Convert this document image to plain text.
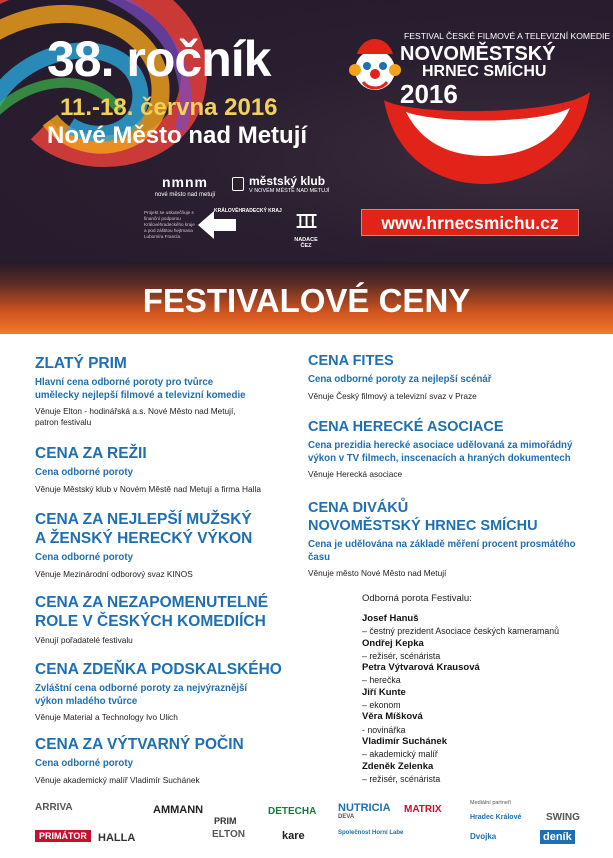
38. ročník
11.-18. června 2016
Nové Město nad Metují
nmnm
nové město nad metují
městský klub
V NOVÉM MĚSTĚ NAD METUJÍ
Projekt se uskutečňuje s finanční podporou Královéhradeckého kraje a pod záštitou hejtmana Lubomíra Francla.
KRÁLOVÉHRADECKÝ KRAJ	┳┳┳
┻┻┻
NADACE ČEZ
FESTIVAL ČESKÉ FILMOVÉ A TELEVIZNÍ KOMEDIE
NOVOMĚSTSKÝ
HRNEC SMÍCHU
2016
www.hrnecsmichu.cz
FESTIVALOVÉ CENY
ZLATÝ PRIM
Hlavní cena odborné poroty pro tvůrce
umělecky nejlepší filmové a televizní komedie
Věnuje Elton - hodinářská a.s. Nové Město nad Metují,
patron festivalu
CENA ZA REŽII
Cena odborné poroty
Věnuje Městský klub v Novém Městě nad Metují a firma Halla
CENA ZA NEJLEPŠÍ MUŽSKÝ
A ŽENSKÝ HERECKÝ VÝKON
Cena odborné poroty
Věnuje Mezinárodní odborový svaz KINOS
CENA ZA NEZAPOMENUTELNÉ
ROLE V ČESKÝCH KOMEDIÍCH
Věnují pořadatelé festivalu
CENA ZDEŇKA PODSKALSKÉHO
Zvláštní cena odborné poroty za nejvýraznější
výkon mladého tvůrce
Věnuje Material a Technology Ivo Ulich
CENA ZA VÝTVARNÝ POČIN
Cena odborné poroty
Věnuje akademický malíř Vladimír Suchánek
CENA FITES
Cena odborné poroty za nejlepší scénář
Věnuje Český filmový a televizní svaz v Praze
CENA HERECKÉ ASOCIACE
Cena prezidia herecké asociace udělovaná za mimořádný
výkon v TV filmech, inscenacích a hraných dokumentech
Věnuje Herecká asociace
CENA DIVÁKŮ
NOVOMĚSTSKÝ HRNEC SMÍCHU
Cena je udělována na základě měření procent prosmátého
času
Věnuje město Nové Město nad Metují
Odborná porota Festivalu:
Josef Hanuš
– čestný prezident Asociace českých kameramanů
Ondřej Kepka
– režisér, scénárista
Petra Výtvarová Krausová
– herečka
Jiří Kunte
– ekonom
Věra Míšková
- novinářka
Vladimír Suchánek
– akademický malíř
Zdeněk Zelenka
– režisér, scénárista
ARRIVA
PRIMÁTOR
AMMANN
HALLA
PRIM
ELTON
DETECHA
kare
NUTRICIA
DEVA
Společnost Horní Labe
MATRIX
Hradec Králové
Dvojka
SWING
deník
Mediální partneři
